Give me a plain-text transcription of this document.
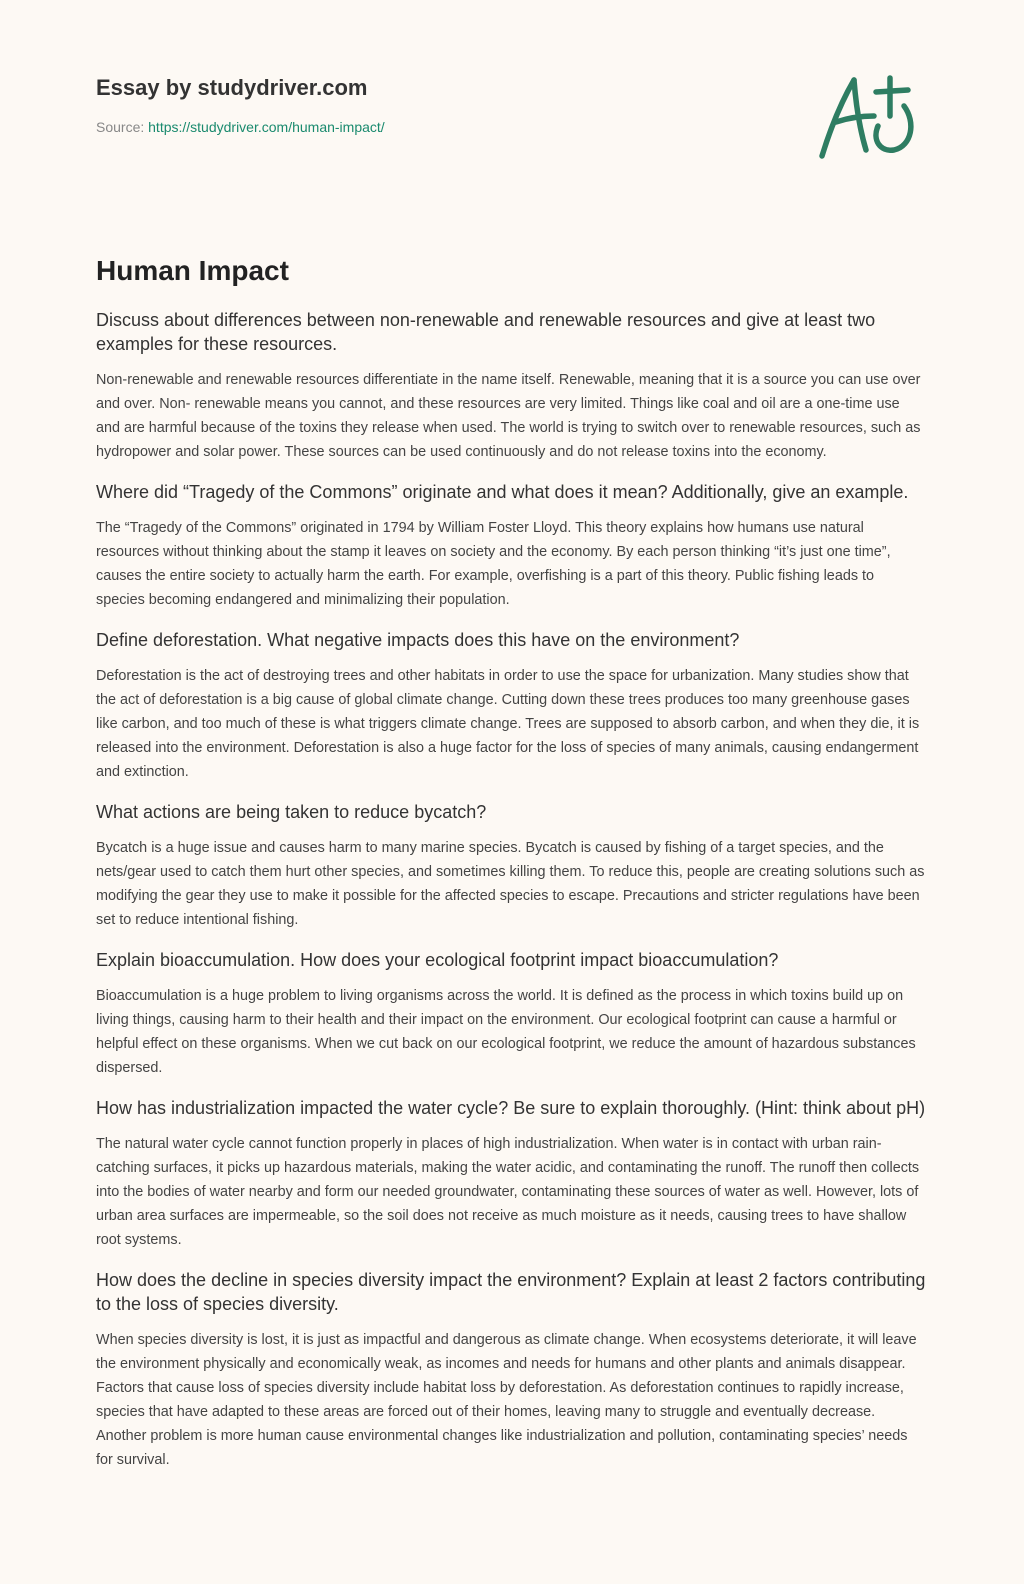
Essay by studydriver.com
Source: https://studydriver.com/human-impact/
Human Impact
Discuss about differences between non-renewable and renewable resources and give at least two examples for these resources.

Non-renewable and renewable resources differentiate in the name itself. Renewable, meaning that it is a source you can use over and over. Non- renewable means you cannot, and these resources are very limited. Things like coal and oil are a one-time use and are harmful because of the toxins they release when used. The world is trying to switch over to renewable resources, such as hydropower and solar power. These sources can be used continuously and do not release toxins into the economy.

Where did “Tragedy of the Commons” originate and what does it mean? Additionally, give an example.

The “Tragedy of the Commons” originated in 1794 by William Foster Lloyd. This theory explains how humans use natural resources without thinking about the stamp it leaves on society and the economy. By each person thinking “it’s just one time”, causes the entire society to actually harm the earth. For example, overfishing is a part of this theory. Public fishing leads to species becoming endangered and minimalizing their population.

Define deforestation. What negative impacts does this have on the environment?

Deforestation is the act of destroying trees and other habitats in order to use the space for urbanization. Many studies show that the act of deforestation is a big cause of global climate change. Cutting down these trees produces too many greenhouse gases like carbon, and too much of these is what triggers climate change. Trees are supposed to absorb carbon, and when they die, it is released into the environment. Deforestation is also a huge factor for the loss of species of many animals, causing endangerment and extinction.

What actions are being taken to reduce bycatch?

Bycatch is a huge issue and causes harm to many marine species. Bycatch is caused by fishing of a target species, and the nets/gear used to catch them hurt other species, and sometimes killing them. To reduce this, people are creating solutions such as modifying the gear they use to make it possible for the affected species to escape. Precautions and stricter regulations have been set to reduce intentional fishing.

Explain bioaccumulation. How does your ecological footprint impact bioaccumulation?

Bioaccumulation is a huge problem to living organisms across the world. It is defined as the process in which toxins build up on living things, causing harm to their health and their impact on the environment. Our ecological footprint can cause a harmful or helpful effect on these organisms. When we cut back on our ecological footprint, we reduce the amount of hazardous substances dispersed.

How has industrialization impacted the water cycle? Be sure to explain thoroughly. (Hint: think about pH)

The natural water cycle cannot function properly in places of high industrialization. When water is in contact with urban rain-catching surfaces, it picks up hazardous materials, making the water acidic, and contaminating the runoff. The runoff then collects into the bodies of water nearby and form our needed groundwater, contaminating these sources of water as well. However, lots of urban area surfaces are impermeable, so the soil does not receive as much moisture as it needs, causing trees to have shallow root systems.

How does the decline in species diversity impact the environment? Explain at least 2 factors contributing to the loss of species diversity.

When species diversity is lost, it is just as impactful and dangerous as climate change. When ecosystems deteriorate, it will leave the environment physically and economically weak, as incomes and needs for humans and other plants and animals disappear. Factors that cause loss of species diversity include habitat loss by deforestation. As deforestation continues to rapidly increase, species that have adapted to these areas are forced out of their homes, leaving many to struggle and eventually decrease. Another problem is more human cause environmental changes like industrialization and pollution, contaminating species’ needs for survival.
